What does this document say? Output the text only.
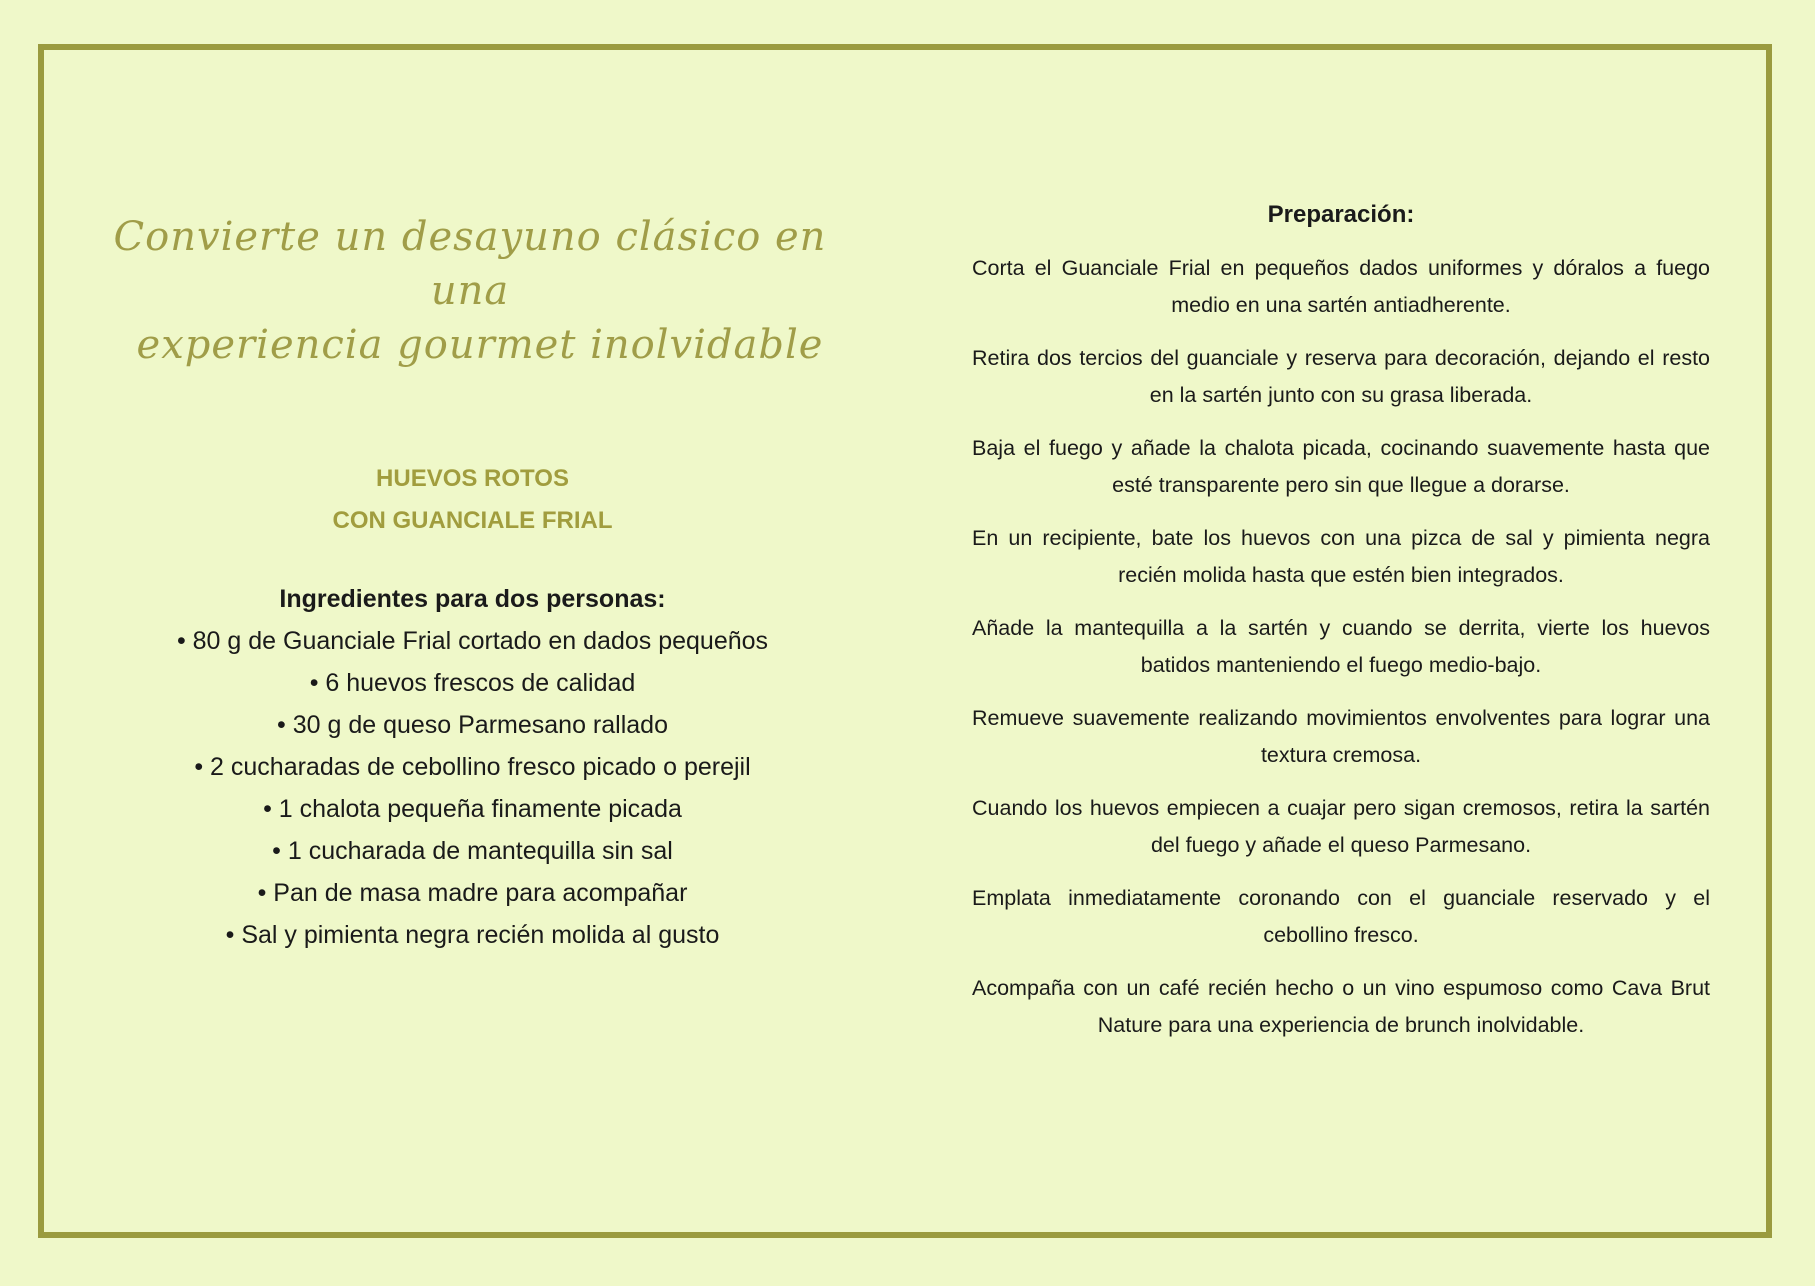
Convierte un desayuno clásico en una
experiencia gourmet inolvidable
HUEVOS ROTOS
CON GUANCIALE FRIAL
Ingredientes para dos personas:
• 80 g de Guanciale Frial cortado en dados pequeños
• 6 huevos frescos de calidad
• 30 g de queso Parmesano rallado
• 2 cucharadas de cebollino fresco picado o perejil
• 1 chalota pequeña finamente picada
• 1 cucharada de mantequilla sin sal
• Pan de masa madre para acompañar
• Sal y pimienta negra recién molida al gusto
Preparación:

Corta el Guanciale Frial en pequeños dados uniformes y dóralos a fuego medio en una sartén antiadherente.

Retira dos tercios del guanciale y reserva para decoración, dejando el resto en la sartén junto con su grasa liberada.

Baja el fuego y añade la chalota picada, cocinando suavemente hasta que esté transparente pero sin que llegue a dorarse.

En un recipiente, bate los huevos con una pizca de sal y pimienta negra recién molida hasta que estén bien integrados.

Añade la mantequilla a la sartén y cuando se derrita, vierte los huevos batidos manteniendo el fuego medio-bajo.

Remueve suavemente realizando movimientos envolventes para lograr una textura cremosa.

Cuando los huevos empiecen a cuajar pero sigan cremosos, retira la sartén del fuego y añade el queso Parmesano.

Emplata inmediatamente coronando con el guanciale reservado y el cebollino fresco.

Acompaña con un café recién hecho o un vino espumoso como Cava Brut Nature para una experiencia de brunch inolvidable.
